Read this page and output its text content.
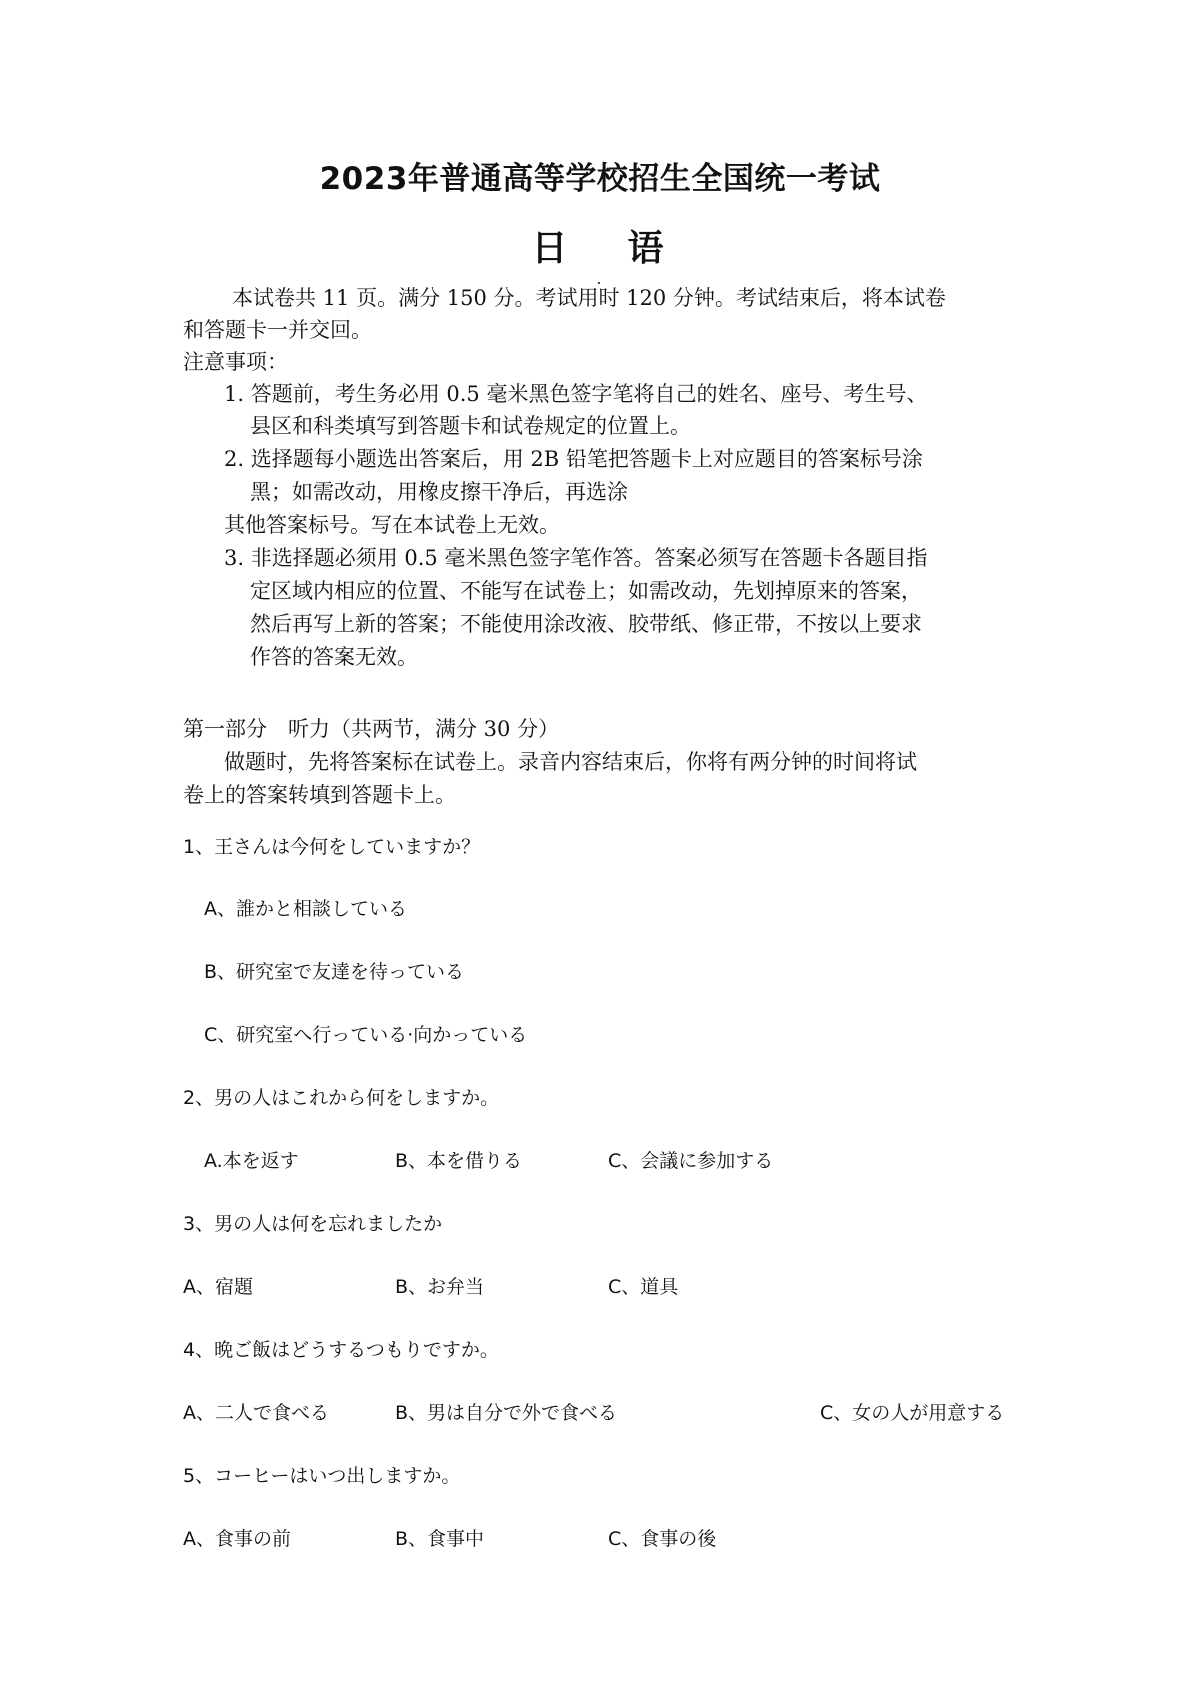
2023年普通高等学校招生全国统一考试
日语
本试卷共 11 页。满分 150 分。考试用时 120 分钟。考试结束后，将本试卷
和答题卡一并交回。
注意事项：
1. 答题前，考生务必用 0.5 毫米黑色签字笔将自己的姓名、座号、考生号、
县区和科类填写到答题卡和试卷规定的位置上。
2. 选择题每小题选出答案后，用 2B 铅笔把答题卡上对应题目的答案标号涂
黑；如需改动，用橡皮擦干净后，再选涂
其他答案标号。写在本试卷上无效。
3. 非选择题必须用 0.5 毫米黑色签字笔作答。答案必须写在答题卡各题目指
定区域内相应的位置、不能写在试卷上；如需改动，先划掉原来的答案，
然后再写上新的答案；不能使用涂改液、胶带纸、修正带，不按以上要求
作答的答案无效。
第一部分　听力（共两节，满分 30 分）
做题时，先将答案标在试卷上。录音内容结束后，你将有两分钟的时间将试
卷上的答案转填到答题卡上。
1、王さんは今何をしていますか？
A、誰かと相談している
B、研究室で友達を待っている
C、研究室へ行っている·向かっている
2、男の人はこれから何をしますか。
A.本を返す	B、本を借りる	C、会議に参加する
3、男の人は何を忘れましたか
A、宿題	B、お弁当	C、道具
4、晩ご飯はどうするつもりですか。
A、二人で食べる	B、男は自分で外で食べる	C、女の人が用意する
5、コーヒーはいつ出しますか。
A、食事の前	B、食事中	C、食事の後
